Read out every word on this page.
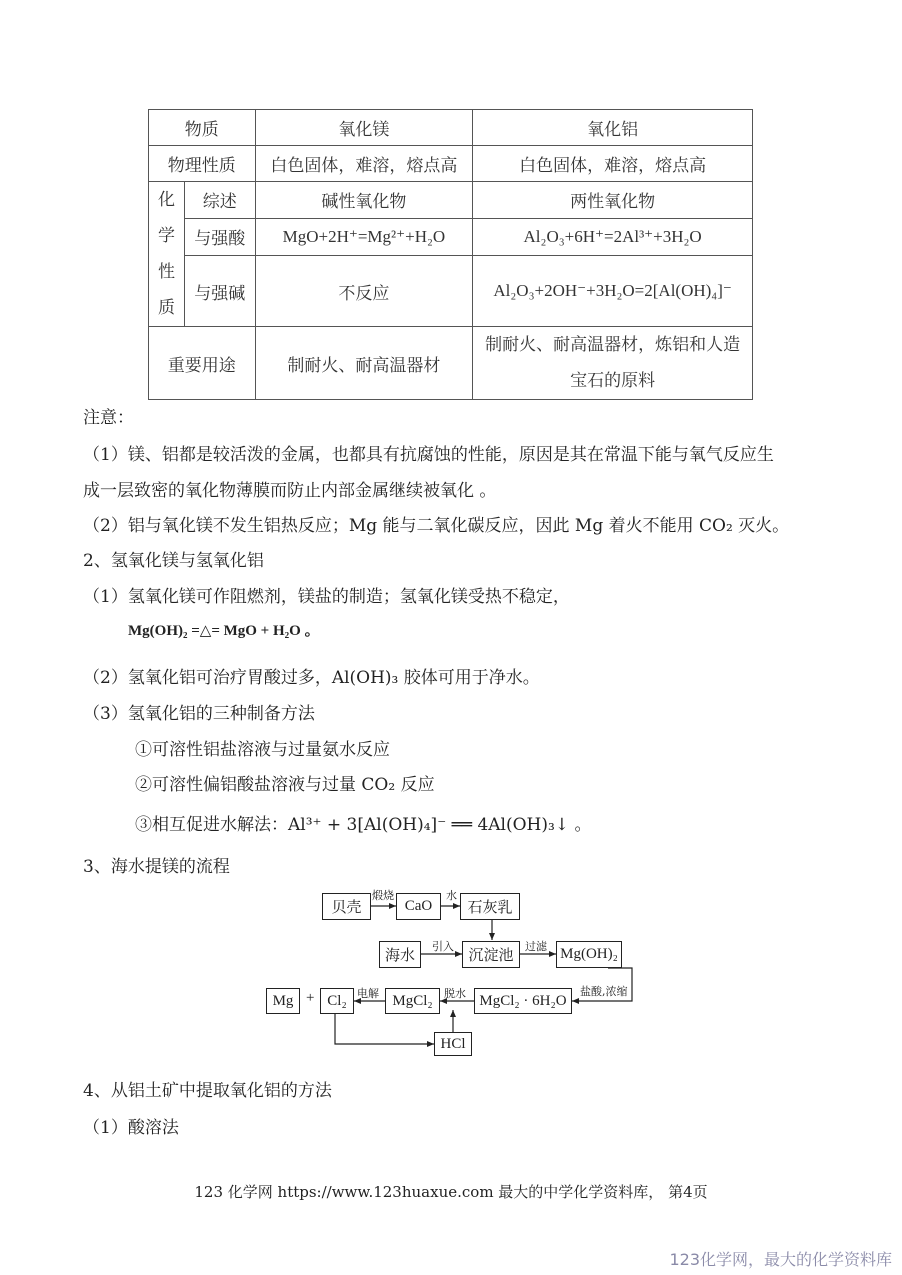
物质		氧化镁	氧化铝
物理性质		白色固体，难溶，熔点高	白色固体，难溶，熔点高
化
学
性
质	综述	碱性氧化物	两性氧化物
	与强酸	MgO+2H⁺=Mg²⁺+H₂O	Al₂O₃+6H⁺=2Al³⁺+3H₂O
	与强碱	不反应	Al₂O₃+2OH⁻+3H₂O=2[Al(OH)₄]⁻
重要用途		制耐火、耐高温器材	制耐火、耐高温器材，炼铝和人造宝石的原料
注意：
（1）镁、铝都是较活泼的金属，也都具有抗腐蚀的性能，原因是其在常温下能与氧气反应生
成一层致密的氧化物薄膜而防止内部金属继续被氧化 。
（2）铝与氧化镁不发生铝热反应；Mg 能与二氧化碳反应，因此 Mg 着火不能用 CO₂ 灭火。
2、氢氧化镁与氢氧化铝
（1）氢氧化镁可作阻燃剂，镁盐的制造；氢氧化镁受热不稳定，
Mg(OH)₂ =△= MgO + H₂O 。
（2）氢氧化铝可治疗胃酸过多，Al(OH)₃ 胶体可用于净水。
（3）氢氧化铝的三种制备方法
①可溶性铝盐溶液与过量氨水反应
②可溶性偏铝酸盐溶液与过量 CO₂ 反应
③相互促进水解法：Al³⁺ + 3[Al(OH)₄]⁻ ══ 4Al(OH)₃↓ 。
3、海水提镁的流程
贝壳	CaO	石灰乳
海水	沉淀池	Mg(OH)₂
Mg + Cl₂	MgCl₂	MgCl₂ · 6H₂O
HCl
煅烧	水
引入	过滤
盐酸,浓缩
脱水
电解
4、从铝土矿中提取氧化铝的方法
（1）酸溶法
123 化学网 https://www.123huaxue.com 最大的中学化学资料库， 第4页
123化学网，最大的化学资料库
